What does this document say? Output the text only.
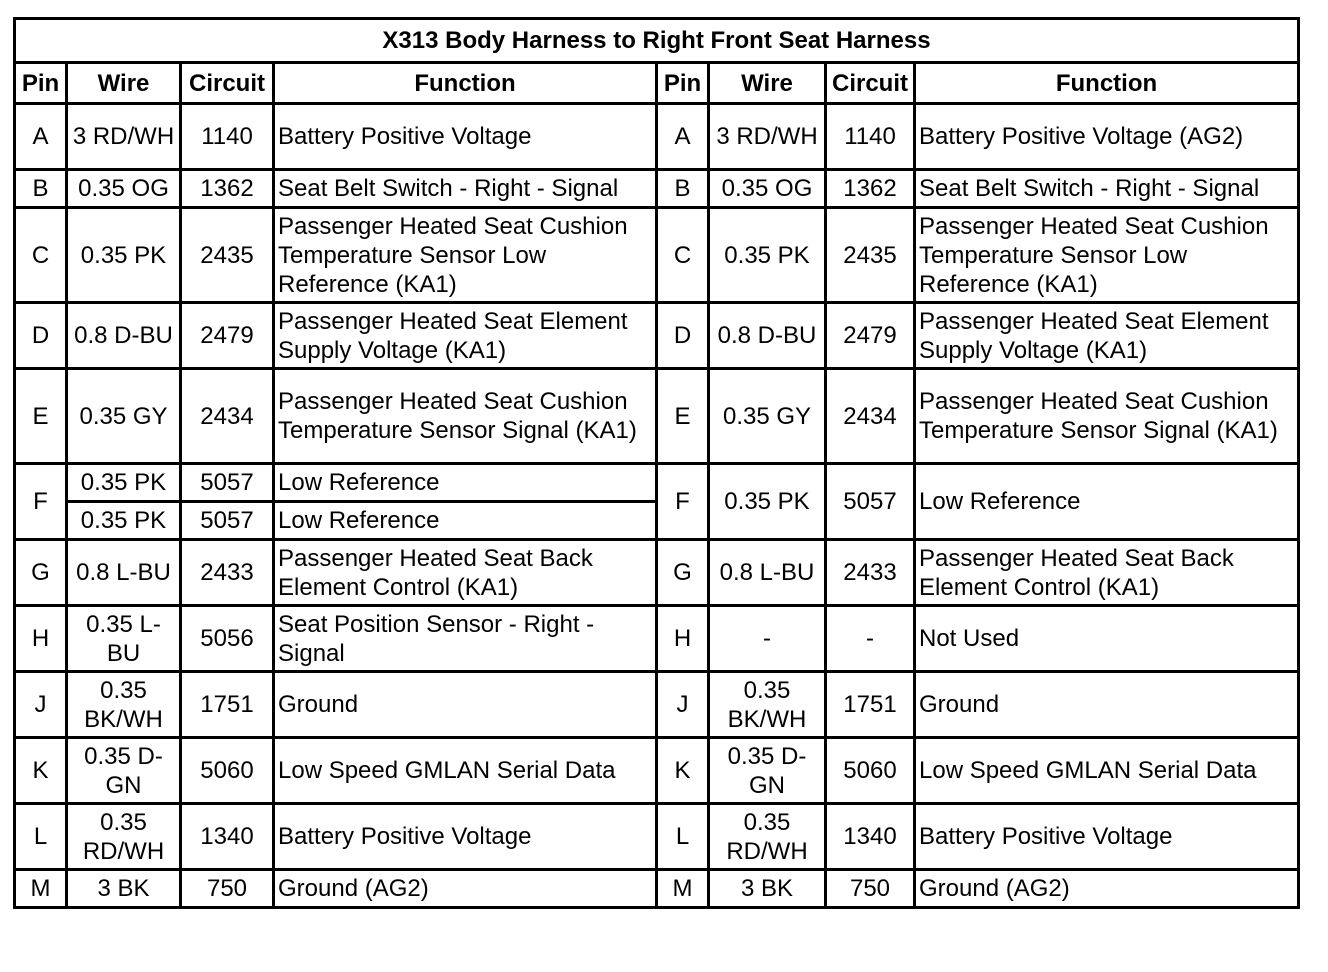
X313 Body Harness to Right Front Seat Harness							
Pin	Wire	Circuit	Function	Pin	Wire	Circuit	Function
A	3 RD/WH	1140	Battery Positive Voltage	A	3 RD/WH	1140	Battery Positive Voltage (AG2)
B	0.35 OG	1362	Seat Belt Switch - Right - Signal	B	0.35 OG	1362	Seat Belt Switch - Right - Signal
C	0.35 PK	2435	Passenger Heated Seat Cushion Temperature Sensor Low Reference (KA1)	C	0.35 PK	2435	Passenger Heated Seat Cushion Temperature Sensor Low Reference (KA1)
D	0.8 D-BU	2479	Passenger Heated Seat Element Supply Voltage (KA1)	D	0.8 D-BU	2479	Passenger Heated Seat Element Supply Voltage (KA1)
E	0.35 GY	2434	Passenger Heated Seat Cushion Temperature Sensor Signal (KA1)	E	0.35 GY	2434	Passenger Heated Seat Cushion Temperature Sensor Signal (KA1)
F	0.35 PK	5057	Low Reference	F	0.35 PK	5057	Low Reference
	0.35 PK	5057	Low Reference				
G	0.8 L-BU	2433	Passenger Heated Seat Back Element Control (KA1)	G	0.8 L-BU	2433	Passenger Heated Seat Back Element Control (KA1)
H	0.35 L-BU	5056	Seat Position Sensor - Right - Signal	H	-	-	Not Used
J	0.35 BK/WH	1751	Ground	J	0.35 BK/WH	1751	Ground
K	0.35 D-GN	5060	Low Speed GMLAN Serial Data	K	0.35 D-GN	5060	Low Speed GMLAN Serial Data
L	0.35 RD/WH	1340	Battery Positive Voltage	L	0.35 RD/WH	1340	Battery Positive Voltage
M	3 BK	750	Ground (AG2)	M	3 BK	750	Ground (AG2)
